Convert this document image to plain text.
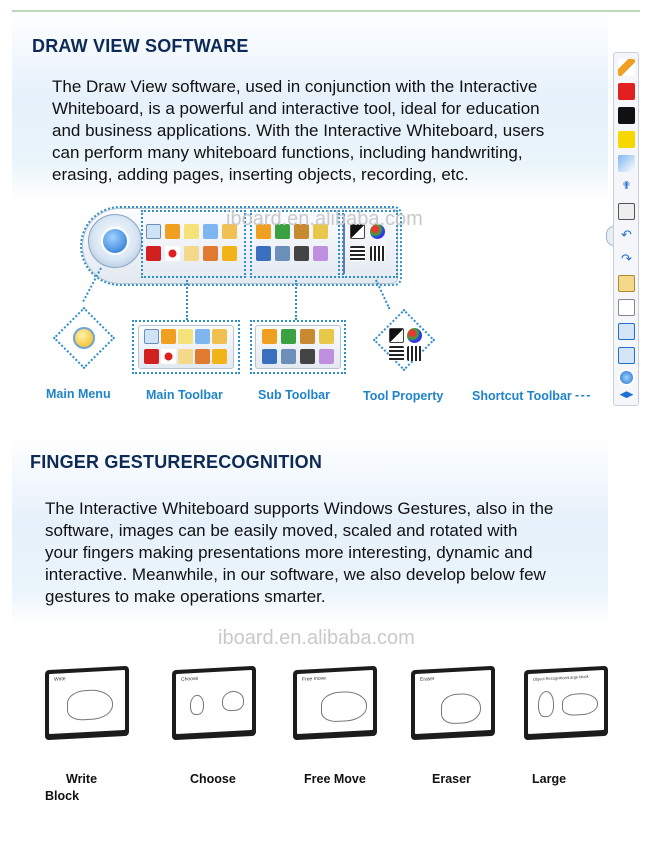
DRAW VIEW SOFTWARE
The Draw View software, used in conjunction with the Interactive
Whiteboard, is a powerful and interactive tool, ideal for education
and business applications. With the Interactive Whiteboard, users
can perform many whiteboard functions, including handwriting,
erasing, adding pages, inserting objects, recording, etc.
✟
↶
↷
◀▶
iboard.en.alibaba.com
Main Menu	Main Toolbar	Sub Toolbar	Tool Property Shortcut Toolbar - - -
FINGER GESTURERECOGNITION
The Interactive Whiteboard supports Windows Gestures, also in the
software, images can be easily moved, scaled and rotated with
your fingers making presentations more interesting, dynamic and
interactive. Meanwhile, in our software, we also develop below few
gestures to make operations smarter.
iboard.en.alibaba.com
Write	Choose	Free move	Eraser	Object Recognition/Large block
Write
Block
Choose	Free Move	Eraser	Large
